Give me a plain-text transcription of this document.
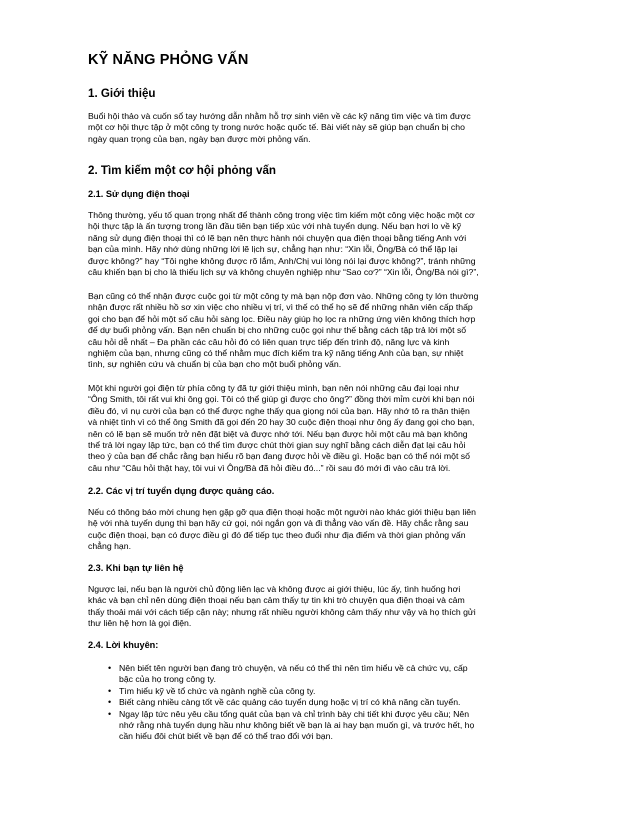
KỸ NĂNG PHỎNG VẤN
1. Giới thiệu
Buổi hội thảo và cuốn sổ tay hướng dẫn nhằm hỗ trợ sinh viên về các kỹ năng tìm việc và tìm được
một cơ hội thực tập ở một công ty trong nước hoặc quốc tế. Bài viết này sẽ giúp bạn chuẩn bị cho
ngày quan trọng của bạn, ngày bạn được mời phỏng vấn.
2. Tìm kiếm một cơ hội phỏng vấn
2.1. Sử dụng điện thoại
Thông thường, yếu tố quan trọng nhất để thành công trong việc tìm kiếm một công việc hoặc một cơ
hội thực tập là ấn tượng trong lần đầu tiên bạn tiếp xúc với nhà tuyển dụng. Nếu bạn hơi lo về kỹ
năng sử dụng điện thoại thì có lẽ bạn nên thực hành nói chuyện qua điện thoại bằng tiếng Anh với
bạn của mình. Hãy nhớ dùng những lời lẽ lịch sự, chẳng hạn như: “Xin lỗi, Ông/Bà có thể lặp lại
được không?” hay “Tôi nghe không được rõ lắm, Anh/Chị vui lòng nói lại được không?”, tránh những
câu khiến bạn bị cho là thiếu lịch sự và không chuyên nghiệp như “Sao cơ?” “Xin lỗi, Ông/Bà nói gì?”,
Bạn cũng có thể nhận được cuộc gọi từ một công ty mà bạn nộp đơn vào. Những công ty lớn thường
nhận được rất nhiều hồ sơ xin việc cho nhiều vị trí, vì thế có thể họ sẽ để những nhân viên cấp thấp
gọi cho bạn để hỏi một số câu hỏi sàng lọc. Điều này giúp họ lọc ra những ứng viên không thích hợp
để dự buổi phỏng vấn. Bạn nên chuẩn bị cho những cuộc gọi như thế bằng cách tập trả lời một số
câu hỏi dễ nhất – Đa phần các câu hỏi đó có liên quan trực tiếp đến trình độ, năng lực và kinh
nghiệm của bạn, nhưng cũng có thể nhằm mục đích kiểm tra kỹ năng tiếng Anh của bạn, sự nhiệt
tình, sự nghiên cứu và chuẩn bị của bạn cho một buổi phỏng vấn.
Một khi người gọi điện từ phía công ty đã tự giới thiệu mình, bạn nên nói những câu đại loại như
“Ông Smith, tôi rất vui khi ông gọi. Tôi có thể giúp gì được cho ông?” đồng thời mỉm cười khi bạn nói
điều đó, vì nụ cười của bạn có thể được nghe thấy qua giọng nói của bạn. Hãy nhớ tô ra thân thiện
và nhiệt tình vì có thể ông Smith đã gọi đến 20 hay 30 cuộc điện thoại như ông ấy đang gọi cho bạn,
nên có lẽ bạn sẽ muốn trở nên đặt biệt và được nhớ tới. Nếu bạn được hỏi một câu mà bạn không
thể trả lời ngay lập tức, bạn có thể tìm được chút thời gian suy nghĩ bằng cách diễn đạt lại câu hỏi
theo ý của bạn để chắc rằng bạn hiểu rõ bạn đang được hỏi về điều gì. Hoặc bạn có thể nói một số
câu như “Câu hỏi thật hay, tôi vui vì Ông/Bà đã hỏi điều đó...” rồi sau đó mới đi vào câu trả lời.
2.2. Các vị trí tuyển dụng được quảng cáo.
Nếu có thông báo mời chung hẹn gặp gỡ qua điện thoại hoặc một người nào khác giới thiệu bạn liên
hệ với nhà tuyển dụng thì bạn hãy cứ gọi, nói ngắn gọn và đi thẳng vào vấn đề. Hãy chắc rằng sau
cuộc điện thoại, bạn có được điều gì đó để tiếp tục theo đuổi như địa điểm và thời gian phỏng vấn
chẳng hạn.
2.3. Khi bạn tự liên hệ
Ngược lại, nếu bạn là người chủ động liên lạc và không được ai giới thiệu, lúc ấy, tình huống hơi
khác và bạn chỉ nên dùng điện thoại nếu bạn cảm thấy tự tin khi trò chuyện qua điện thoại và cảm
thấy thoải mái với cách tiếp cận này; nhưng rất nhiều người không cảm thấy như vậy và họ thích gửi
thư liên hệ hơn là gọi điện.
2.4. Lời khuyên:
• Nên biết tên người bạn đang trò chuyện, và nếu có thể thì nên tìm hiểu về cả chức vụ, cấp
bậc của họ trong công ty.
• Tìm hiểu kỹ về tổ chức và ngành nghề của công ty.
• Biết càng nhiều càng tốt về các quảng cáo tuyển dụng hoặc vị trí có khả năng cần tuyển.
• Ngay lập tức nêu yêu cầu tổng quát của bạn và chỉ trình bày chi tiết khi được yêu cầu; Nên
nhớ rằng nhà tuyển dụng hầu như không biết về bạn là ai hay bạn muốn gì, và trước hết, họ
cần hiểu đôi chút biết về bạn để có thể trao đổi với bạn.
